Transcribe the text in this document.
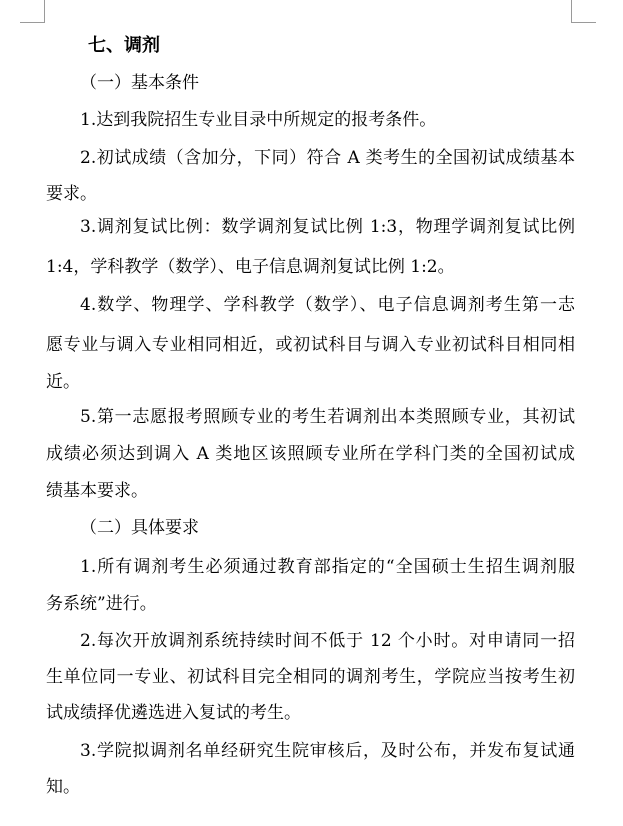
七、调剂
（一）基本条件
1.达到我院招生专业目录中所规定的报考条件。
2.初试成绩（含加分，下同）符合 A 类考生的全国初试成绩基本
要求。
3.调剂复试比例：数学调剂复试比例 1:3，物理学调剂复试比例
1:4，学科教学（数学）、电子信息调剂复试比例 1:2。
4.数学、物理学、学科教学（数学）、电子信息调剂考生第一志
愿专业与调入专业相同相近，或初试科目与调入专业初试科目相同相
近。
5.第一志愿报考照顾专业的考生若调剂出本类照顾专业，其初试
成绩必须达到调入 A 类地区该照顾专业所在学科门类的全国初试成
绩基本要求。
（二）具体要求
1.所有调剂考生必须通过教育部指定的“全国硕士生招生调剂服
务系统”进行。
2.每次开放调剂系统持续时间不低于 12 个小时。对申请同一招
生单位同一专业、初试科目完全相同的调剂考生，学院应当按考生初
试成绩择优遴选进入复试的考生。
3.学院拟调剂名单经研究生院审核后，及时公布，并发布复试通
知。
